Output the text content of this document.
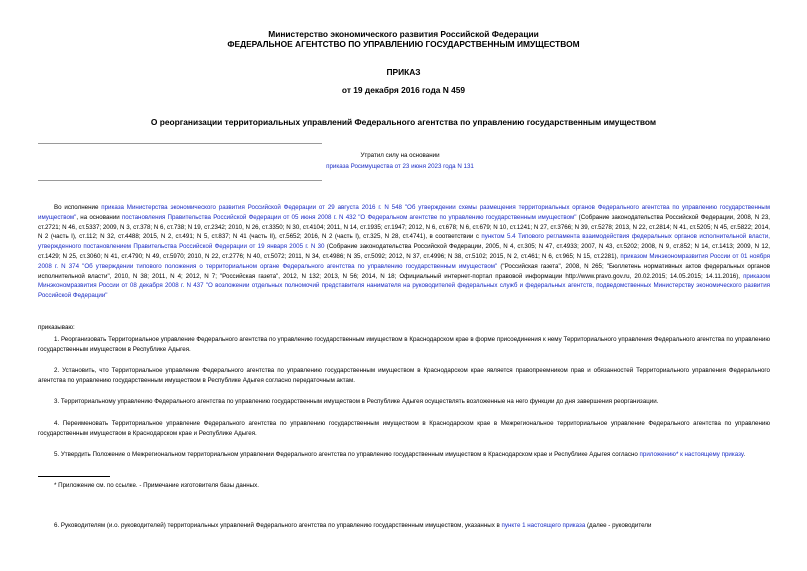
Министерство экономического развития Российской Федерации
ФЕДЕРАЛЬНОЕ АГЕНТСТВО ПО УПРАВЛЕНИЮ ГОСУДАРСТВЕННЫМ ИМУЩЕСТВОМ
ПРИКАЗ
от 19 декабря 2016 года N 459
О реорганизации территориальных управлений Федерального агентства по управлению государственным имуществом
Утратил силу на основании
приказа Росимущества от 23 июня 2023 года N 131

Во исполнение приказа Министерства экономического развития Российской Федерации от 29 августа 2016 г. N 548 "Об утверждении схемы размещения территориальных органов Федерального агентства по управлению государственным имуществом", на основании постановления Правительства Российской Федерации от 05 июня 2008 г. N 432 "О Федеральном агентстве по управлению государственным имуществом" (Собрание законодательства Российской Федерации, 2008, N 23, ст.2721; N 46, ст.5337; 2009, N 3, ст.378; N 6, ст.738; N 19, ст.2342; 2010, N 26, ст.3350; N 30, ст.4104; 2011, N 14, ст.1935; ст.1947; 2012, N 6, ст.678; N 6, ст.679; N 10, ст.1241; N 27, ст.3766; N 39, ст.5278; 2013, N 22, ст.2814; N 41, ст.5205; N 45, ст.5822; 2014, N 2 (часть I), ст.112; N 32, ст.4488; 2015, N 2, ст.491; N 5, ст.837; N 41 (часть II), ст.5652; 2016, N 2 (часть I), ст.325, N 28, ст.4741), в соответствии с пунктом 5.4 Типового регламента взаимодействия федеральных органов исполнительной власти, утвержденного постановлением Правительства Российской Федерации от 19 января 2005 г. N 30 (Собрание законодательства Российской Федерации, 2005, N 4, ст.305; N 47, ст.4933; 2007, N 43, ст.5202; 2008, N 9, ст.852; N 14, ст.1413; 2009, N 12, ст.1429; N 25, ст.3060; N 41, ст.4790; N 49, ст.5970; 2010, N 22, ст.2776; N 40, ст.5072; 2011, N 34, ст.4986; N 35, ст.5092; 2012, N 37, ст.4996; N 38, ст.5102; 2015, N 2, ст.461; N 6, ст.965; N 15, ст.2281), приказом Минэкономразвития России от 01 ноября 2008 г. N 374 "Об утверждении типового положения о территориальном органе Федерального агентства по управлению государственным имуществом" ("Российская газета", 2008, N 265; "Бюллетень нормативных актов федеральных органов исполнительной власти", 2010, N 38; 2011, N 4; 2012, N 7; "Российская газета", 2012, N 132; 2013, N 56; 2014, N 18; Официальный интернет-портал правовой информации http://www.pravo.gov.ru, 20.02.2015; 14.05.2015; 14.11.2016), приказом Минэкономразвития России от 08 декабря 2008 г. N 437 "О возложении отдельных полномочий представителя нанимателя на руководителей федеральных служб и федеральных агентств, подведомственных Министерству экономического развития Российской Федерации"

приказываю:

1. Реорганизовать Территориальное управление Федерального агентства по управлению государственным имуществом в Краснодарском крае в форме присоединения к нему Территориального управления Федерального агентства по управлению государственным имуществом в Республике Адыгея.

2. Установить, что Территориальное управление Федерального агентства по управлению государственным имуществом в Краснодарском крае является правопреемником прав и обязанностей Территориального управления Федерального агентства по управлению государственным имуществом в Республике Адыгея согласно передаточным актам.

3. Территориальному управлению Федерального агентства по управлению государственным имуществом в Республике Адыгея осуществлять возложенные на него функции до дня завершения реорганизации.

4. Переименовать Территориальное управление Федерального агентства по управлению государственным имуществом в Краснодарском крае в Межрегиональное территориальное управление Федерального агентства по управлению государственным имуществом в Краснодарском крае и Республике Адыгея.

5. Утвердить Положение о Межрегиональном территориальном управлении Федерального агентства по управлению государственным имуществом в Краснодарском крае и Республике Адыгея согласно приложению* к настоящему приказу.

* Приложение см. по ссылке. - Примечание изготовителя базы данных.

6. Руководителям (и.о. руководителей) территориальных управлений Федерального агентства по управлению государственным имуществом, указанных в пункте 1 настоящего приказа (далее - руководители
